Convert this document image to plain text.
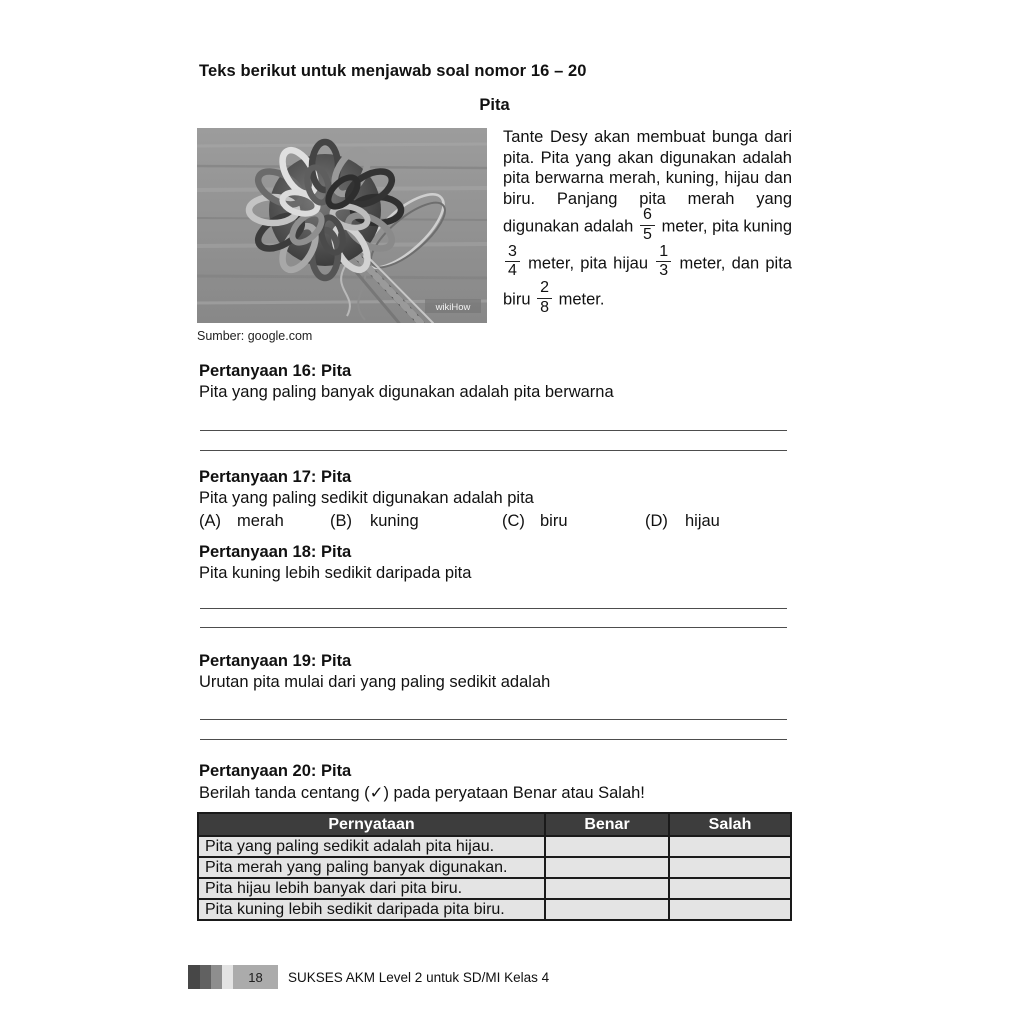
Teks berikut untuk menjawab soal nomor 16 – 20
Pita
wikiHow
Sumber: google.com
Tante Desy akan membuat bunga dari pita. Pita yang akan digunakan adalah pita berwarna merah, kuning, hijau dan biru. Panjang pita merah yang digunakan adalah $\frac{6}{5}$ meter, pita kuning
$\frac{3}{4}$ meter, pita hijau $\frac{1}{3}$ meter, dan pita biru $\frac{2}{8}$ meter.
Pertanyaan 16: Pita
Pita yang paling banyak digunakan adalah pita berwarna
Pertanyaan 17: Pita
Pita yang paling sedikit digunakan adalah pita
(A) merah	(B) kuning	(C) biru	(D) hijau
Pertanyaan 18: Pita
Pita kuning lebih sedikit daripada pita
Pertanyaan 19: Pita
Urutan pita mulai dari yang paling sedikit adalah
Pertanyaan 20: Pita
Berilah tanda centang (✓) pada peryataan Benar atau Salah!
Pernyataan	Benar	Salah
Pita yang paling sedikit adalah pita hijau.		
Pita merah yang paling banyak digunakan.		
Pita hijau lebih banyak dari pita biru.		
Pita kuning lebih sedikit daripada pita biru.		
18	SUKSES AKM Level 2 untuk SD/MI Kelas 4
